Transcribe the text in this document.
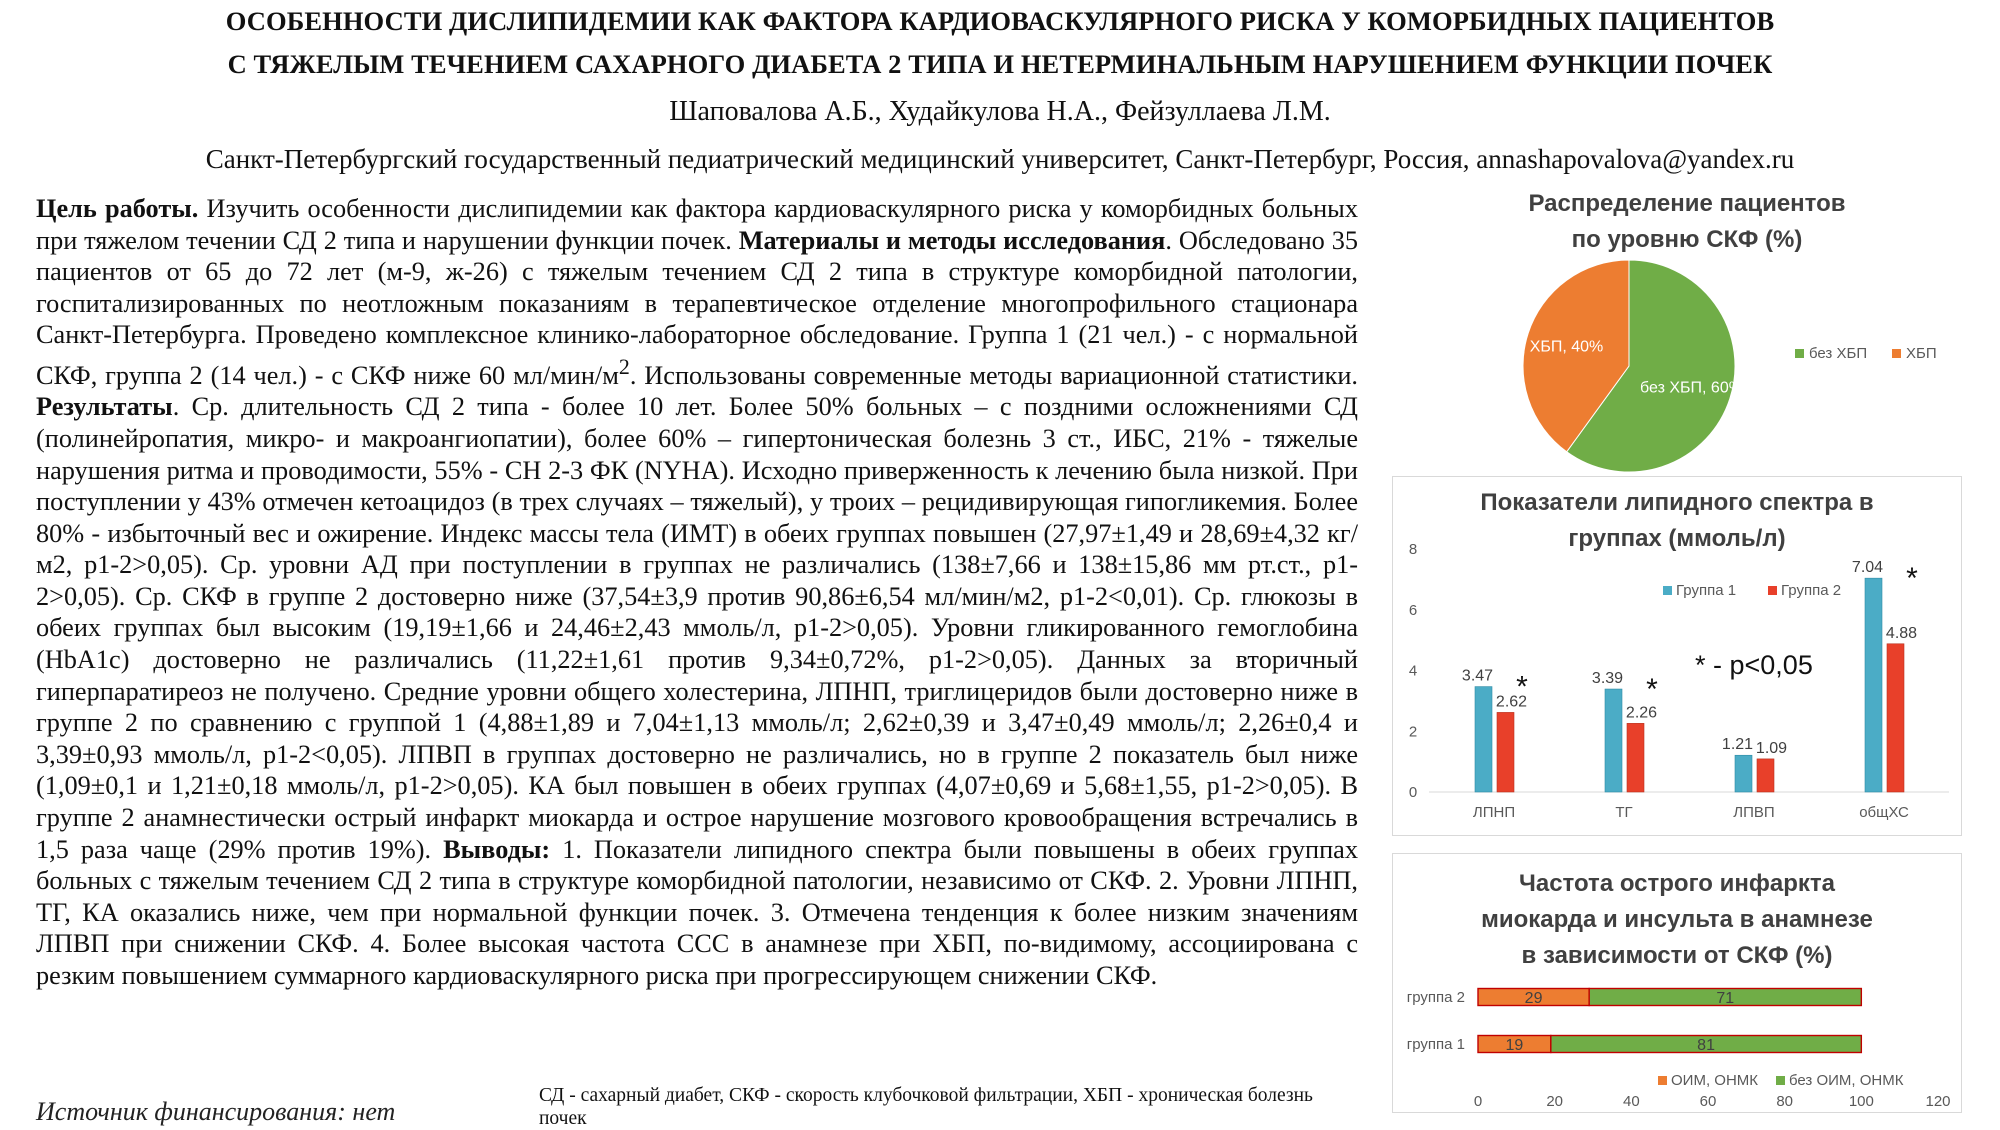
ОСОБЕННОСТИ ДИСЛИПИДЕМИИ КАК ФАКТОРА КАРДИОВАСКУЛЯРНОГО РИСКА У КОМОРБИДНЫХ ПАЦИЕНТОВ
С ТЯЖЕЛЫМ ТЕЧЕНИЕМ САХАРНОГО ДИАБЕТА 2 ТИПА И НЕТЕРМИНАЛЬНЫМ НАРУШЕНИЕМ ФУНКЦИИ ПОЧЕК
Шаповалова А.Б., Худайкулова Н.А., Фейзуллаева Л.М.
Санкт-Петербургский государственный педиатрический медицинский университет, Санкт-Петербург, Россия, annashapovalova@yandex.ru
Цель работы. Изучить особенности дислипидемии как фактора кардиоваскулярного риска у коморбидных больных при тяжелом течении СД 2 типа и нарушении функции почек. Материалы и методы исследования. Обследовано 35 пациентов от 65 до 72 лет (м-9, ж-26) с тяжелым течением СД 2 типа в структуре коморбидной патологии, госпитализированных по неотложным показаниям в терапевтическое отделение многопрофильного стационара Санкт-Петербурга. Проведено комплексное клинико-лабораторное обследование. Группа 1 (21 чел.) - с нормальной СКФ, группа 2 (14 чел.) - с СКФ ниже 60 $мл/мин/м^2$. Использованы современные методы вариационной статистики. Результаты. Ср. длительность СД 2 типа - более 10 лет. Более 50% больных – с поздними осложнениями СД (полинейропатия, микро- и макроангиопатии), более 60% – гипертоническая болезнь 3 ст., ИБС, 21% - тяжелые нарушения ритма и проводимости, 55% - СН 2-3 ФК (NYHA). Исходно приверженность к лечению была низкой. При поступлении у 43% отмечен кетоацидоз (в трех случаях – тяжелый), у троих – рецидивирующая гипогликемия. Более 80% - избыточный вес и ожирение. Индекс массы тела (ИМТ) в обеих группах повышен (27,97±1,49 и 28,69±4,32 кг/м2, p1-2>0,05). Ср. уровни АД при поступлении в группах не различались (138±7,66 и 138±15,86 мм рт.ст., p1-2>0,05). Ср. СКФ в группе 2 достоверно ниже (37,54±3,9 против 90,86±6,54 мл/мин/м2, p1-2<0,01). Ср. глюкозы в обеих группах был высоким (19,19±1,66 и 24,46±2,43 ммоль/л, p1-2>0,05). Уровни гликированного гемоглобина (HbA1c) достоверно не различались (11,22±1,61 против 9,34±0,72%, p1-2>0,05). Данных за вторичный гиперпаратиреоз не получено. Средние уровни общего холестерина, ЛПНП, триглицеридов были достоверно ниже в группе 2 по сравнению с группой 1 (4,88±1,89 и 7,04±1,13 ммоль/л; 2,62±0,39 и 3,47±0,49 ммоль/л; 2,26±0,4 и 3,39±0,93 ммоль/л, p1-2<0,05). ЛПВП в группах достоверно не различались, но в группе 2 показатель был ниже (1,09±0,1 и 1,21±0,18 ммоль/л, p1-2>0,05). КА был повышен в обеих группах (4,07±0,69 и 5,68±1,55, p1-2>0,05). В группе 2 анамнестически острый инфаркт миокарда и острое нарушение мозгового кровообращения встречались в 1,5 раза чаще (29% против 19%). Выводы: 1. Показатели липидного спектра были повышены в обеих группах больных с тяжелым течением СД 2 типа в структуре коморбидной патологии, независимо от СКФ. 2. Уровни ЛПНП, ТГ, КА оказались ниже, чем при нормальной функции почек. 3. Отмечена тенденция к более низким значениям ЛПВП при снижении СКФ. 4. Более высокая частота ССС в анамнезе при ХБП, по-видимому, ассоциирована с резким повышением суммарного кардиоваскулярного риска при прогрессирующем снижении СКФ.
Источник финансирования: нет
СД - сахарный диабет, СКФ - скорость клубочковой фильтрации, ХБП - хроническая болезнь почек
Распределение пациентов
по уровню СКФ (%)
без ХБП, 60%
ХБП, 40%	без ХБП	ХБП
Показатели липидного спектра в
группах (ммоль/л)
0
2
4
6
8
3.47
2.62
ЛПНП
*	3.39
2.26
ТГ
*
1.21 1.09
ЛПВП
7.04
4.88
общХС
*
Группа 1	Группа 2
* - p<0,05
Частота острого инфаркта
миокарда и инсульта в анамнезе
в зависимости от СКФ (%)
группа 2	29	71
группа 1	19	81
0	20	40	60	80	100	120
ОИМ, ОНМК без ОИМ, ОНМК
